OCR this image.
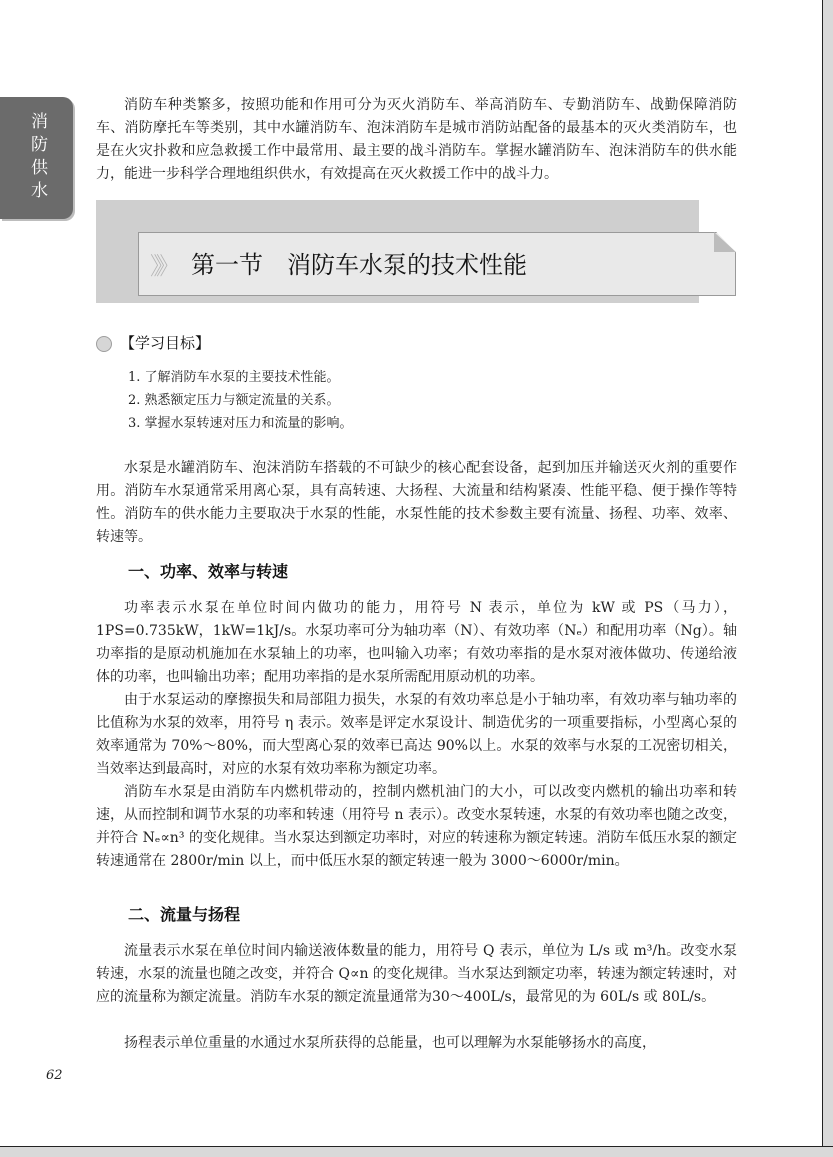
消防供水

消防车种类繁多，按照功能和作用可分为灭火消防车、举高消防车、专勤消防车、战勤保障消防车、消防摩托车等类别，其中水罐消防车、泡沫消防车是城市消防站配备的最基本的灭火类消防车，也是在火灾扑救和应急救援工作中最常用、最主要的战斗消防车。掌握水罐消防车、泡沫消防车的供水能力，能进一步科学合理地组织供水，有效提高在灭火救援工作中的战斗力。

》》 第一节　消防车水泵的技术性能
【学习目标】
1. 了解消防车水泵的主要技术性能。
2. 熟悉额定压力与额定流量的关系。
3. 掌握水泵转速对压力和流量的影响。

水泵是水罐消防车、泡沫消防车搭载的不可缺少的核心配套设备，起到加压并输送灭火剂的重要作用。消防车水泵通常采用离心泵，具有高转速、大扬程、大流量和结构紧凑、性能平稳、便于操作等特性。消防车的供水能力主要取决于水泵的性能，水泵性能的技术参数主要有流量、扬程、功率、效率、转速等。

一、功率、效率与转速

功率表示水泵在单位时间内做功的能力，用符号 N 表示，单位为 kW 或 PS（马力），1PS=0.735kW，1kW=1kJ/s。水泵功率可分为轴功率（N）、有效功率（Nₑ）和配用功率（Ng）。轴功率指的是原动机施加在水泵轴上的功率，也叫输入功率；有效功率指的是水泵对液体做功、传递给液体的功率，也叫输出功率；配用功率指的是水泵所需配用原动机的功率。

由于水泵运动的摩擦损失和局部阻力损失，水泵的有效功率总是小于轴功率，有效功率与轴功率的比值称为水泵的效率，用符号 η 表示。效率是评定水泵设计、制造优劣的一项重要指标，小型离心泵的效率通常为 70%～80%，而大型离心泵的效率已高达 90%以上。水泵的效率与水泵的工况密切相关，当效率达到最高时，对应的水泵有效功率称为额定功率。

消防车水泵是由消防车内燃机带动的，控制内燃机油门的大小，可以改变内燃机的输出功率和转速，从而控制和调节水泵的功率和转速（用符号 n 表示）。改变水泵转速，水泵的有效功率也随之改变，并符合 Nₑ∝n³ 的变化规律。当水泵达到额定功率时，对应的转速称为额定转速。消防车低压水泵的额定转速通常在 2800r/min 以上，而中低压水泵的额定转速一般为 3000～6000r/min。

二、流量与扬程

流量表示水泵在单位时间内输送液体数量的能力，用符号 Q 表示，单位为 L/s 或 m³/h。改变水泵转速，水泵的流量也随之改变，并符合 Q∝n 的变化规律。当水泵达到额定功率，转速为额定转速时，对应的流量称为额定流量。消防车水泵的额定流量通常为30～400L/s，最常见的为 60L/s 或 80L/s。

扬程表示单位重量的水通过水泵所获得的总能量，也可以理解为水泵能够扬水的高度，

62
